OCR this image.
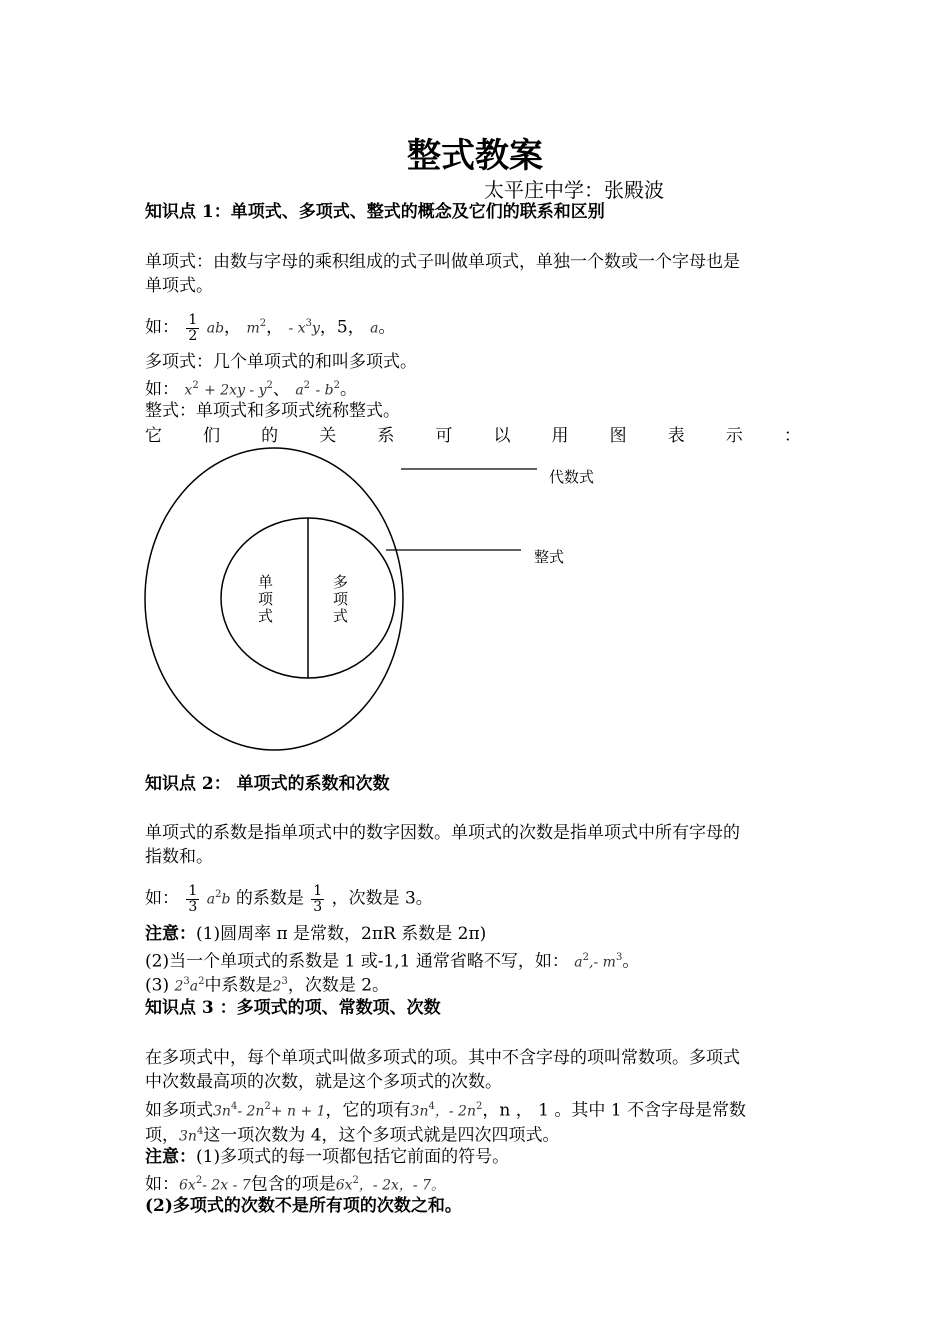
整式教案
太平庄中学：张殿波
知识点 1：单项式、多项式、整式的概念及它们的联系和区别
单项式：由数与字母的乘积组成的式子叫做单项式，单独一个数或一个字母也是
单项式。
如： $\frac{1}{2}$ ab， $m^2$， - $x^3y$，5， a。
多项式：几个单项式的和叫多项式。
如： $x^2 + 2xy - y^2$、 $a^2 - b^2$。
整式：单项式和多项式统称整式。
它 们 的 关 系 可 以 用 图 表 示 ：
代数式
整式
单
项
式
多
项
式
知识点 2： 单项式的系数和次数
单项式的系数是指单项式中的数字因数。单项式的次数是指单项式中所有字母的
指数和。
如： $\frac{1}{3} a^2b$ 的系数是 $\frac{1}{3}$ ，次数是 3。
注意：(1)圆周率 π 是常数，2πR 系数是 2π)
(2)当一个单项式的系数是 1 或-1,1 通常省略不写，如： $a^2,-$ $m^3$。
(3) $2^3a^2$中系数是$2^3$，次数是 2。
知识点 3 ：多项式的项、常数项、次数
在多项式中，每个单项式叫做多项式的项。其中不含字母的项叫常数项。多项式
中次数最高项的次数，就是这个多项式的次数。
如多项式$3n^4-$ $2n^2+ n + 1$，它的项有$3n^4$，- $2n^2$，n ， 1 。其中 1 不含字母是常数
项，$3n^4$这一项次数为 4，这个多项式就是四次四项式。
注意：(1)多项式的每一项都包括它前面的符号。
如：$6x^2-$ 2x - 7包含的项是$6x^2$，- 2x，- 7。
(2)多项式的次数不是所有项的次数之和。
